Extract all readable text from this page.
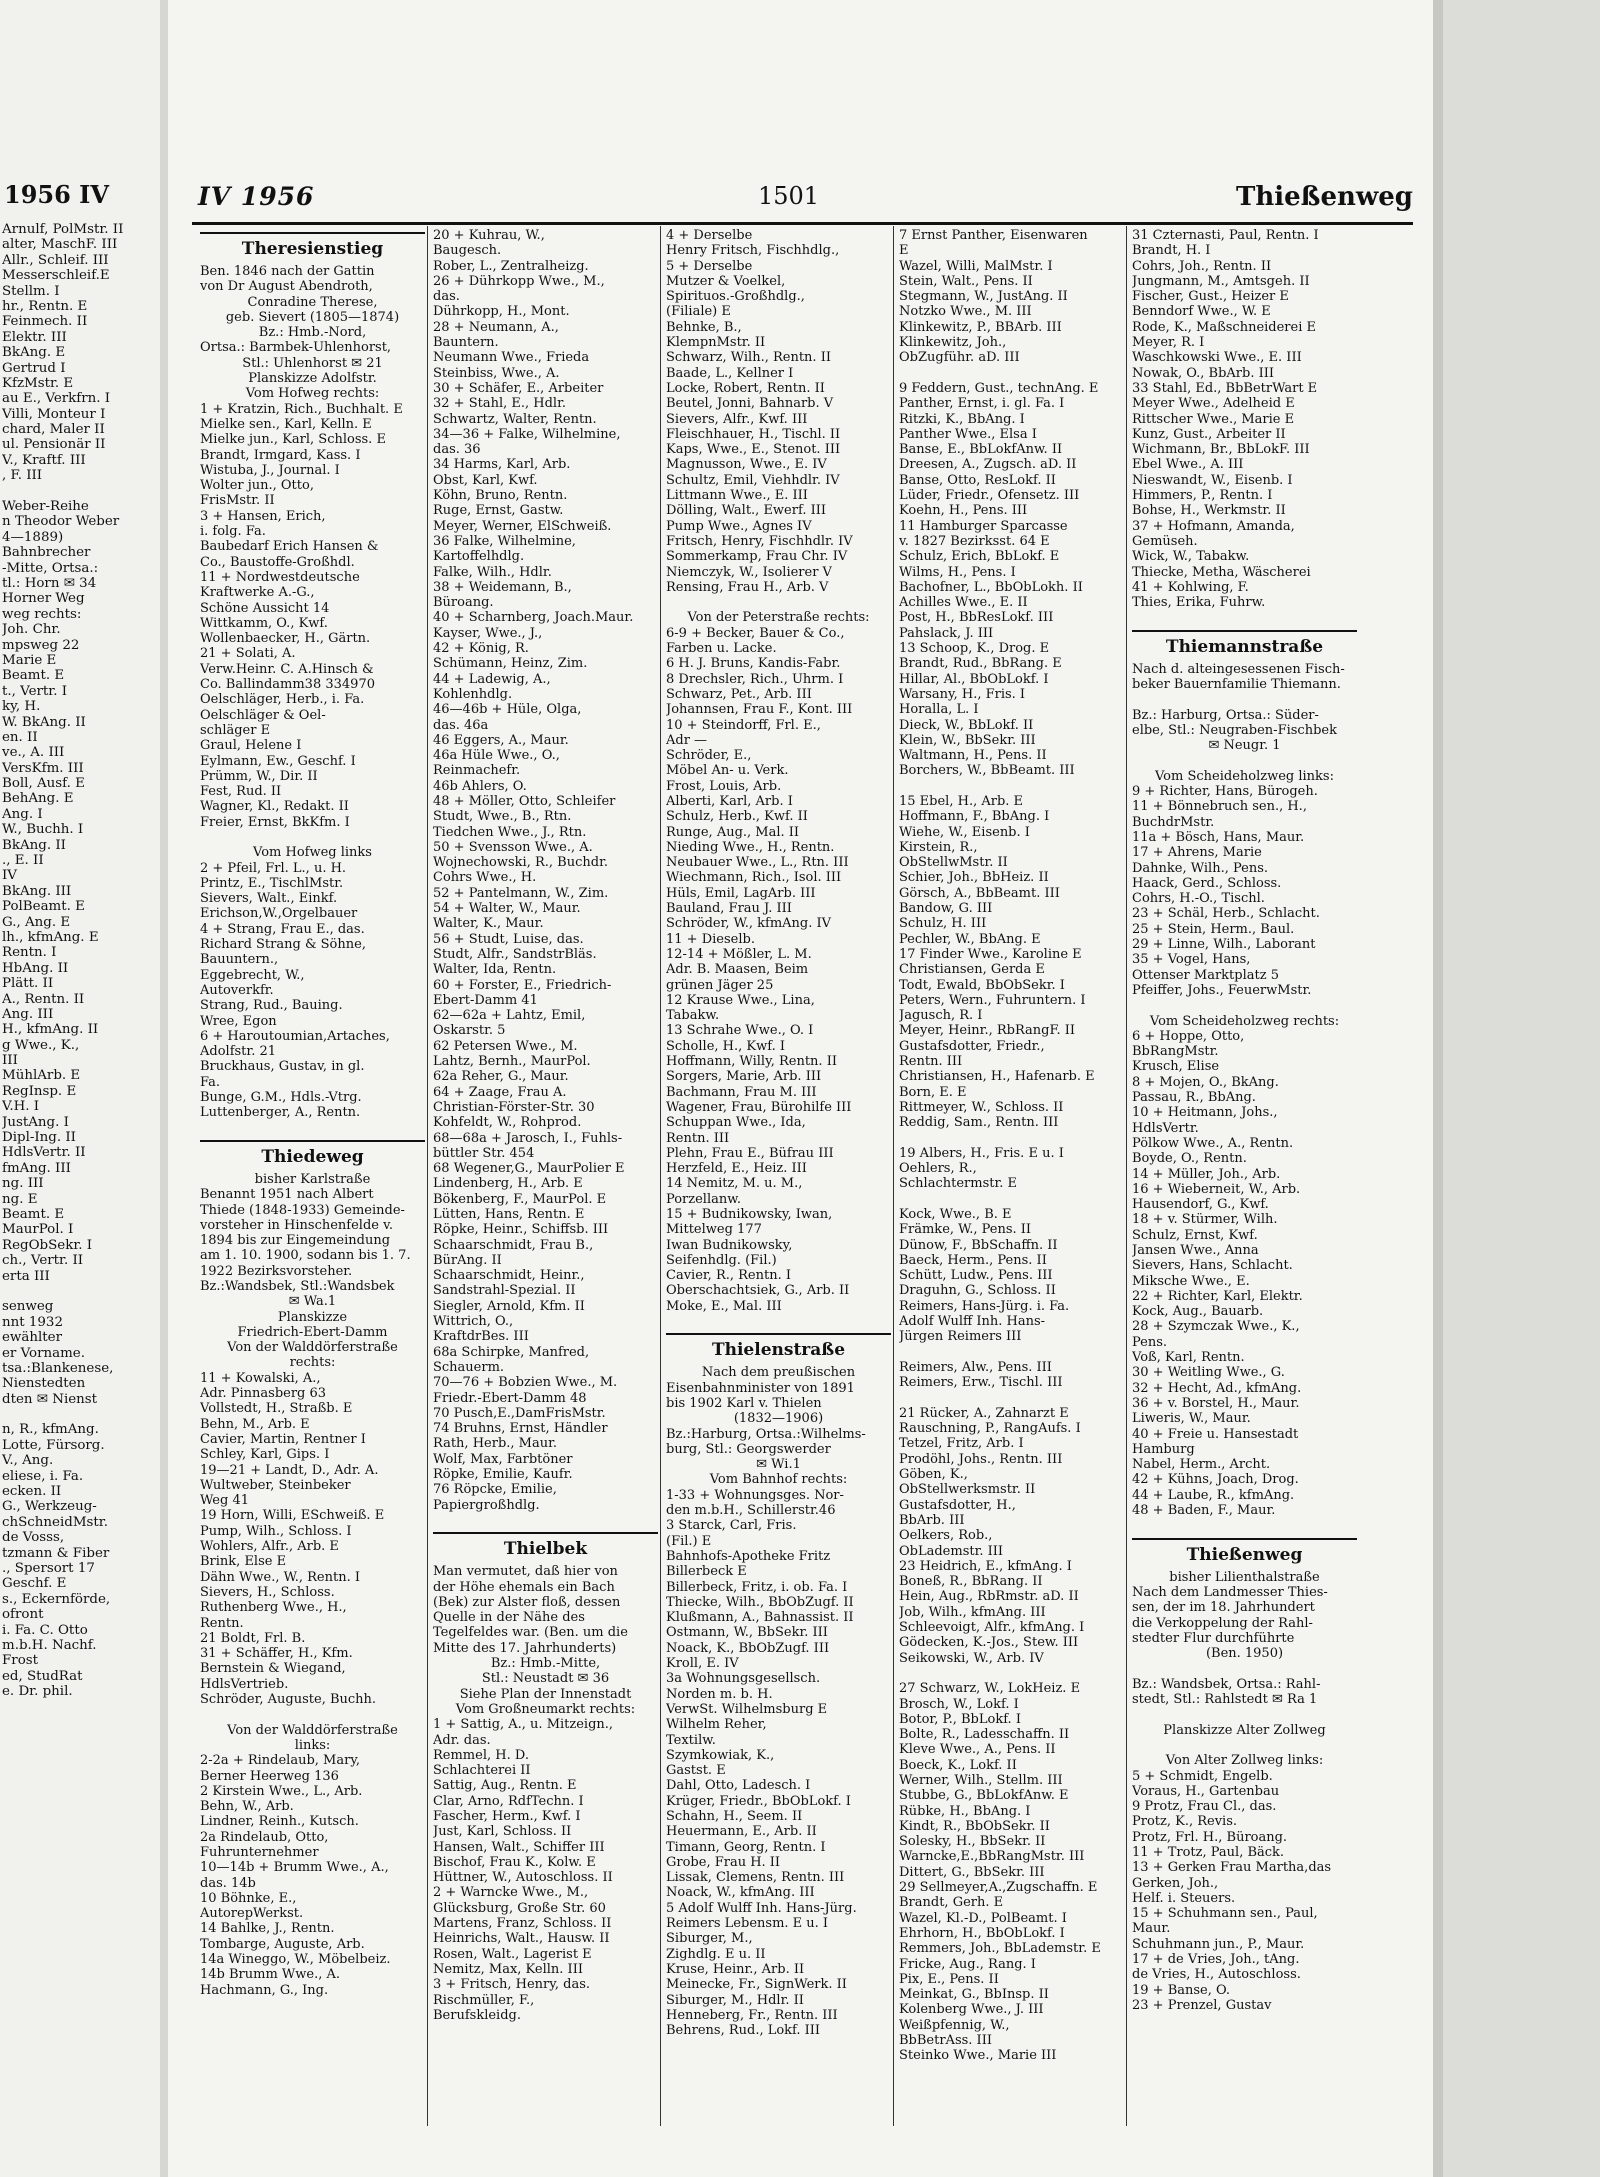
1956 IV
Arnulf, PolMstr. II
alter, MaschF. III
Allr., Schleif. III
Messerschleif.E
Stellm. I
hr., Rentn. E
Feinmech. II
Elektr. III
BkAng. E
Gertrud I
KfzMstr. E
au E., Verkfrn. I
Villi, Monteur I
chard, Maler II
ul. Pensionär II
V., Kraftf. III
, F. III
Weber-Reihe
n Theodor Weber
4—1889)
Bahnbrecher
-Mitte, Ortsa.:
tl.: Horn ✉ 34
Horner Weg
weg rechts:
Joh. Chr.
mpsweg 22
Marie E
Beamt. E
t., Vertr. I
ky, H.
W. BkAng. II
en. II
ve., A. III
VersKfm. III
Boll, Ausf. E
BehAng. E
Ang. I
W., Buchh. I
BkAng. II
., E. II
IV
BkAng. III
PolBeamt. E
G., Ang. E
lh., kfmAng. E
Rentn. I
HbAng. II
Plätt. II
A., Rentn. II
Ang. III
H., kfmAng. II
g Wwe., K.,
III
MühlArb. E
RegInsp. E
V.H. I
JustAng. I
Dipl-Ing. II
HdlsVertr. II
fmAng. III
ng. III
ng. E
Beamt. E
MaurPol. I
RegObSekr. I
ch., Vertr. II
erta III
senweg
nnt 1932
ewählter
er Vorname.
tsa.:Blankenese,
Nienstedten
dten ✉ Nienst
n, R., kfmAng.
Lotte, Fürsorg.
V., Ang.
eliese, i. Fa.
ecken. II
G., Werkzeug-
chSchneidMstr.
de Vosss,
tzmann & Fiber
., Spersort 17
Geschf. E
s., Eckernförde,
ofront
i. Fa. C. Otto
m.b.H. Nachf.
Frost
ed, StudRat
e. Dr. phil.
IV 1956	1501	Thießenweg
Theresienstieg
Ben. 1846 nach der Gattin
von Dr August Abendroth,
Conradine Therese,
geb. Sievert (1805—1874)
Bz.: Hmb.-Nord,
Ortsa.: Barmbek-Uhlenhorst,
Stl.: Uhlenhorst ✉ 21
Planskizze Adolfstr.
Vom Hofweg rechts:
1 + Kratzin, Rich., Buchhalt. E
Mielke sen., Karl, Kelln. E
Mielke jun., Karl, Schloss. E
Brandt, Irmgard, Kass. I
Wistuba, J., Journal. I
Wolter jun., Otto,
FrisMstr. II
3 + Hansen, Erich,
i. folg. Fa.
Baubedarf Erich Hansen &
Co., Baustoffe-Großhdl.
11 + Nordwestdeutsche
Kraftwerke A.-G.,
Schöne Aussicht 14
Wittkamm, O., Kwf.
Wollenbaecker, H., Gärtn.
21 + Solati, A.
Verw.Heinr. C. A.Hinsch &
Co. Ballindamm38 334970
Oelschläger, Herb., i. Fa.
Oelschläger & Oel-
schläger E
Graul, Helene I
Eylmann, Ew., Geschf. I
Prümm, W., Dir. II
Fest, Rud. II
Wagner, Kl., Redakt. II
Freier, Ernst, BkKfm. I
Vom Hofweg links
2 + Pfeil, Frl. L., u. H.
Printz, E., TischlMstr.
Sievers, Walt., Einkf.
Erichson,W.,Orgelbauer
4 + Strang, Frau E., das.
Richard Strang & Söhne,
Bauuntern.,
Eggebrecht, W.,
Autoverkfr.
Strang, Rud., Bauing.
Wree, Egon
6 + Haroutoumian,Artaches,
Adolfstr. 21
Bruckhaus, Gustav, in gl.
Fa.
Bunge, G.M., Hdls.-Vtrg.
Luttenberger, A., Rentn.
Thiedeweg
bisher Karlstraße
Benannt 1951 nach Albert
Thiede (1848-1933) Gemeinde-
vorsteher in Hinschenfelde v.
1894 bis zur Eingemeindung
am 1. 10. 1900, sodann bis 1. 7.
1922 Bezirksvorsteher.
Bz.:Wandsbek, Stl.:Wandsbek
✉ Wa.1
Planskizze
Friedrich-Ebert-Damm
Von der Walddörferstraße
rechts:
11 + Kowalski, A.,
Adr. Pinnasberg 63
Vollstedt, H., Straßb. E
Behn, M., Arb. E
Cavier, Martin, Rentner I
Schley, Karl, Gips. I
19—21 + Landt, D., Adr. A.
Wultweber, Steinbeker
Weg 41
19 Horn, Willi, ESchweiß. E
Pump, Wilh., Schloss. I
Wohlers, Alfr., Arb. E
Brink, Else E
Dähn Wwe., W., Rentn. I
Sievers, H., Schloss.
Ruthenberg Wwe., H.,
Rentn.
21 Boldt, Frl. B.
31 + Schäffer, H., Kfm.
Bernstein & Wiegand,
HdlsVertrieb.
Schröder, Auguste, Buchh.
Von der Walddörferstraße
links:
2-2a + Rindelaub, Mary,
Berner Heerweg 136
2 Kirstein Wwe., L., Arb.
Behn, W., Arb.
Lindner, Reinh., Kutsch.
2a Rindelaub, Otto,
Fuhrunternehmer
10—14b + Brumm Wwe., A.,
das. 14b
10 Böhnke, E.,
AutorepWerkst.
14 Bahlke, J., Rentn.
Tombarge, Auguste, Arb.
14a Wineggo, W., Möbelbeiz.
14b Brumm Wwe., A.
Hachmann, G., Ing.
20 + Kuhrau, W.,
Baugesch.
Rober, L., Zentralheizg.
26 + Dührkopp Wwe., M.,
das.
Dührkopp, H., Mont.
28 + Neumann, A.,
Bauntern.
Neumann Wwe., Frieda
Steinbiss, Wwe., A.
30 + Schäfer, E., Arbeiter
32 + Stahl, E., Hdlr.
Schwartz, Walter, Rentn.
34—36 + Falke, Wilhelmine,
das. 36
34 Harms, Karl, Arb.
Obst, Karl, Kwf.
Köhn, Bruno, Rentn.
Ruge, Ernst, Gastw.
Meyer, Werner, ElSchweiß.
36 Falke, Wilhelmine,
Kartoffelhdlg.
Falke, Wilh., Hdlr.
38 + Weidemann, B.,
Büroang.
40 + Scharnberg, Joach.Maur.
Kayser, Wwe., J.,
42 + König, R.
Schümann, Heinz, Zim.
44 + Ladewig, A.,
Kohlenhdlg.
46—46b + Hüle, Olga,
das. 46a
46 Eggers, A., Maur.
46a Hüle Wwe., O.,
Reinmachefr.
46b Ahlers, O.
48 + Möller, Otto, Schleifer
Studt, Wwe., B., Rtn.
Tiedchen Wwe., J., Rtn.
50 + Svensson Wwe., A.
Wojnechowski, R., Buchdr.
Cohrs Wwe., H.
52 + Pantelmann, W., Zim.
54 + Walter, W., Maur.
Walter, K., Maur.
56 + Studt, Luise, das.
Studt, Alfr., SandstrBläs.
Walter, Ida, Rentn.
60 + Forster, E., Friedrich-
Ebert-Damm 41
62—62a + Lahtz, Emil,
Oskarstr. 5
62 Petersen Wwe., M.
Lahtz, Bernh., MaurPol.
62a Reher, G., Maur.
64 + Zaage, Frau A.
Christian-Förster-Str. 30
Kohfeldt, W., Rohprod.
68—68a + Jarosch, I., Fuhls-
büttler Str. 454
68 Wegener,G., MaurPolier E
Lindenberg, H., Arb. E
Bökenberg, F., MaurPol. E
Lütten, Hans, Rentn. E
Röpke, Heinr., Schiffsb. III
Schaarschmidt, Frau B.,
BürAng. II
Schaarschmidt, Heinr.,
Sandstrahl-Spezial. II
Siegler, Arnold, Kfm. II
Wittrich, O.,
KraftdrBes. III
68a Schirpke, Manfred,
Schauerm.
70—76 + Bobzien Wwe., M.
Friedr.-Ebert-Damm 48
70 Pusch,E.,DamFrisMstr.
74 Bruhns, Ernst, Händler
Rath, Herb., Maur.
Wolf, Max, Farbtöner
Röpke, Emilie, Kaufr.
76 Röpcke, Emilie,
Papiergroßhdlg.
Thielbek
Man vermutet, daß hier von
der Höhe ehemals ein Bach
(Bek) zur Alster floß, dessen
Quelle in der Nähe des
Tegelfeldes war. (Ben. um die
Mitte des 17. Jahrhunderts)
Bz.: Hmb.-Mitte,
Stl.: Neustadt ✉ 36
Siehe Plan der Innenstadt
Vom Großneumarkt rechts:
1 + Sattig, A., u. Mitzeign.,
Adr. das.
Remmel, H. D.
Schlachterei II
Sattig, Aug., Rentn. E
Clar, Arno, RdfTechn. I
Fascher, Herm., Kwf. I
Just, Karl, Schloss. II
Hansen, Walt., Schiffer III
Bischof, Frau K., Kolw. E
Hüttner, W., Autoschloss. II
2 + Warncke Wwe., M.,
Glücksburg, Große Str. 60
Martens, Franz, Schloss. II
Heinrichs, Walt., Hausw. II
Rosen, Walt., Lagerist E
Nemitz, Max, Kelln. III
3 + Fritsch, Henry, das.
Rischmüller, F.,
Berufskleidg.
4 + Derselbe
Henry Fritsch, Fischhdlg.,
5 + Derselbe
Mutzer & Voelkel,
Spirituos.-Großhdlg.,
(Filiale) E
Behnke, B.,
KlempnMstr. II
Schwarz, Wilh., Rentn. II
Baade, L., Kellner I
Locke, Robert, Rentn. II
Beutel, Jonni, Bahnarb. V
Sievers, Alfr., Kwf. III
Fleischhauer, H., Tischl. II
Kaps, Wwe., E., Stenot. III
Magnusson, Wwe., E. IV
Schultz, Emil, Viehhdlr. IV
Littmann Wwe., E. III
Dölling, Walt., Ewerf. III
Pump Wwe., Agnes IV
Fritsch, Henry, Fischhdlr. IV
Sommerkamp, Frau Chr. IV
Niemczyk, W., Isolierer V
Rensing, Frau H., Arb. V
Von der Peterstraße rechts:
6-9 + Becker, Bauer & Co.,
Farben u. Lacke.
6 H. J. Bruns, Kandis-Fabr.
8 Drechsler, Rich., Uhrm. I
Schwarz, Pet., Arb. III
Johannsen, Frau F., Kont. III
10 + Steindorff, Frl. E.,
Adr —
Schröder, E.,
Möbel An- u. Verk.
Frost, Louis, Arb.
Alberti, Karl, Arb. I
Schulz, Herb., Kwf. II
Runge, Aug., Mal. II
Nieding Wwe., H., Rentn.
Neubauer Wwe., L., Rtn. III
Wiechmann, Rich., Isol. III
Hüls, Emil, LagArb. III
Bauland, Frau J. III
Schröder, W., kfmAng. IV
11 + Dieselb.
12-14 + Mößler, L. M.
Adr. B. Maasen, Beim
grünen Jäger 25
12 Krause Wwe., Lina,
Tabakw.
13 Schrahe Wwe., O. I
Scholle, H., Kwf. I
Hoffmann, Willy, Rentn. II
Sorgers, Marie, Arb. III
Bachmann, Frau M. III
Wagener, Frau, Bürohilfe III
Schuppan Wwe., Ida,
Rentn. III
Plehn, Frau E., Büfrau III
Herzfeld, E., Heiz. III
14 Nemitz, M. u. M.,
Porzellanw.
15 + Budnikowsky, Iwan,
Mittelweg 177
Iwan Budnikowsky,
Seifenhdlg. (Fil.)
Cavier, R., Rentn. I
Oberschachtsiek, G., Arb. II
Moke, E., Mal. III
Thielenstraße
Nach dem preußischen
Eisenbahnminister von 1891
bis 1902 Karl v. Thielen
(1832—1906)
Bz.:Harburg, Ortsa.:Wilhelms-
burg, Stl.: Georgswerder
✉ Wi.1
Vom Bahnhof rechts:
1-33 + Wohnungsges. Nor-
den m.b.H., Schillerstr.46
3 Starck, Carl, Fris.
(Fil.) E
Bahnhofs-Apotheke Fritz
Billerbeck E
Billerbeck, Fritz, i. ob. Fa. I
Thiecke, Wilh., BbObZugf. II
Klußmann, A., Bahnassist. II
Ostmann, W., BbSekr. III
Noack, K., BbObZugf. III
Kroll, E. IV
3a Wohnungsgesellsch.
Norden m. b. H.
VerwSt. Wilhelmsburg E
Wilhelm Reher,
Textilw.
Szymkowiak, K.,
Gastst. E
Dahl, Otto, Ladesch. I
Krüger, Friedr., BbObLokf. I
Schahn, H., Seem. II
Heuermann, E., Arb. II
Timann, Georg, Rentn. I
Grobe, Frau H. II
Lissak, Clemens, Rentn. III
Noack, W., kfmAng. III
5 Adolf Wulff Inh. Hans-Jürg.
Reimers Lebensm. E u. I
Siburger, M.,
Zighdlg. E u. II
Kruse, Heinr., Arb. II
Meinecke, Fr., SignWerk. II
Siburger, M., Hdlr. II
Henneberg, Fr., Rentn. III
Behrens, Rud., Lokf. III
7 Ernst Panther, Eisenwaren
E
Wazel, Willi, MalMstr. I
Stein, Walt., Pens. II
Stegmann, W., JustAng. II
Notzko Wwe., M. III
Klinkewitz, P., BBArb. III
Klinkewitz, Joh.,
ObZugführ. aD. III
9 Feddern, Gust., technAng. E
Panther, Ernst, i. gl. Fa. I
Ritzki, K., BbAng. I
Panther Wwe., Elsa I
Banse, E., BbLokfAnw. II
Dreesen, A., Zugsch. aD. II
Banse, Otto, ResLokf. II
Lüder, Friedr., Ofensetz. III
Koehn, H., Pens. III
11 Hamburger Sparcasse
v. 1827 Bezirksst. 64 E
Schulz, Erich, BbLokf. E
Wilms, H., Pens. I
Bachofner, L., BbObLokh. II
Achilles Wwe., E. II
Post, H., BbResLokf. III
Pahslack, J. III
13 Schoop, K., Drog. E
Brandt, Rud., BbRang. E
Hillar, Al., BbObLokf. I
Warsany, H., Fris. I
Horalla, L. I
Dieck, W., BbLokf. II
Klein, W., BbSekr. III
Waltmann, H., Pens. II
Borchers, W., BbBeamt. III
15 Ebel, H., Arb. E
Hoffmann, F., BbAng. I
Wiehe, W., Eisenb. I
Kirstein, R.,
ObStellwMstr. II
Schier, Joh., BbHeiz. II
Görsch, A., BbBeamt. III
Bandow, G. III
Schulz, H. III
Pechler, W., BbAng. E
17 Finder Wwe., Karoline E
Christiansen, Gerda E
Todt, Ewald, BbObSekr. I
Peters, Wern., Fuhruntern. I
Jagusch, R. I
Meyer, Heinr., RbRangF. II
Gustafsdotter, Friedr.,
Rentn. III
Christiansen, H., Hafenarb. E
Born, E. E
Rittmeyer, W., Schloss. II
Reddig, Sam., Rentn. III
19 Albers, H., Fris. E u. I
Oehlers, R.,
Schlachtermstr. E
Kock, Wwe., B. E
Främke, W., Pens. II
Dünow, F., BbSchaffn. II
Baeck, Herm., Pens. II
Schütt, Ludw., Pens. III
Draguhn, G., Schloss. II
Reimers, Hans-Jürg. i. Fa.
Adolf Wulff Inh. Hans-
Jürgen Reimers III
Reimers, Alw., Pens. III
Reimers, Erw., Tischl. III
21 Rücker, A., Zahnarzt E
Rauschning, P., RangAufs. I
Tetzel, Fritz, Arb. I
Prodöhl, Johs., Rentn. III
Göben, K.,
ObStellwerksmstr. II
Gustafsdotter, H.,
BbArb. III
Oelkers, Rob.,
ObLademstr. III
23 Heidrich, E., kfmAng. I
Boneß, R., BbRang. II
Hein, Aug., RbRmstr. aD. II
Job, Wilh., kfmAng. III
Schleevoigt, Alfr., kfmAng. I
Gödecken, K.-Jos., Stew. III
Seikowski, W., Arb. IV
27 Schwarz, W., LokHeiz. E
Brosch, W., Lokf. I
Botor, P., BbLokf. I
Bolte, R., Ladesschaffn. II
Kleve Wwe., A., Pens. II
Boeck, K., Lokf. II
Werner, Wilh., Stellm. III
Stubbe, G., BbLokfAnw. E
Rübke, H., BbAng. I
Kindt, R., BbObSekr. II
Solesky, H., BbSekr. II
Warncke,E.,BbRangMstr. III
Dittert, G., BbSekr. III
29 Sellmeyer,A.,Zugschaffn. E
Brandt, Gerh. E
Wazel, Kl.-D., PolBeamt. I
Ehrhorn, H., BbObLokf. I
Remmers, Joh., BbLademstr. E
Fricke, Aug., Rang. I
Pix, E., Pens. II
Meinkat, G., BbInsp. II
Kolenberg Wwe., J. III
Weißpfennig, W.,
BbBetrAss. III
Steinko Wwe., Marie III
31 Czternasti, Paul, Rentn. I
Brandt, H. I
Cohrs, Joh., Rentn. II
Jungmann, M., Amtsgeh. II
Fischer, Gust., Heizer E
Benndorf Wwe., W. E
Rode, K., Maßschneiderei E
Meyer, R. I
Waschkowski Wwe., E. III
Nowak, O., BbArb. III
33 Stahl, Ed., BbBetrWart E
Meyer Wwe., Adelheid E
Rittscher Wwe., Marie E
Kunz, Gust., Arbeiter II
Wichmann, Br., BbLokF. III
Ebel Wwe., A. III
Nieswandt, W., Eisenb. I
Himmers, P., Rentn. I
Bohse, H., Werkmstr. II
37 + Hofmann, Amanda,
Gemüseh.
Wick, W., Tabakw.
Thiecke, Metha, Wäscherei
41 + Kohlwing, F.
Thies, Erika, Fuhrw.
Thiemannstraße
Nach d. alteingesessenen Fisch-
beker Bauernfamilie Thiemann.
Bz.: Harburg, Ortsa.: Süder-
elbe, Stl.: Neugraben-Fischbek
✉ Neugr. 1
Vom Scheideholzweg links:
9 + Richter, Hans, Bürogeh.
11 + Bönnebruch sen., H.,
BuchdrMstr.
11a + Bösch, Hans, Maur.
17 + Ahrens, Marie
Dahnke, Wilh., Pens.
Haack, Gerd., Schloss.
Cohrs, H.-O., Tischl.
23 + Schäl, Herb., Schlacht.
25 + Stein, Herm., Baul.
29 + Linne, Wilh., Laborant
35 + Vogel, Hans,
Ottenser Marktplatz 5
Pfeiffer, Johs., FeuerwMstr.
Vom Scheideholzweg rechts:
6 + Hoppe, Otto,
BbRangMstr.
Krusch, Elise
8 + Mojen, O., BkAng.
Passau, R., BbAng.
10 + Heitmann, Johs.,
HdlsVertr.
Pölkow Wwe., A., Rentn.
Boyde, O., Rentn.
14 + Müller, Joh., Arb.
16 + Wieberneit, W., Arb.
Hausendorf, G., Kwf.
18 + v. Stürmer, Wilh.
Schulz, Ernst, Kwf.
Jansen Wwe., Anna
Sievers, Hans, Schlacht.
Mikschе Wwe., E.
22 + Richter, Karl, Elektr.
Kock, Aug., Bauarb.
28 + Szymczak Wwe., K.,
Pens.
Voß, Karl, Rentn.
30 + Weitling Wwe., G.
32 + Hecht, Ad., kfmAng.
36 + v. Borstel, H., Maur.
Liweris, W., Maur.
40 + Freie u. Hansestadt
Hamburg
Nabel, Herm., Archt.
42 + Kühns, Joach, Drog.
44 + Laube, R., kfmAng.
48 + Baden, F., Maur.
Thießenweg
bisher Lilienthalstraße
Nach dem Landmesser Thies-
sen, der im 18. Jahrhundert
die Verkoppelung der Rahl-
stedter Flur durchführte
(Ben. 1950)
Bz.: Wandsbek, Ortsa.: Rahl-
stedt, Stl.: Rahlstedt ✉ Ra 1
Planskizze Alter Zollweg
Von Alter Zollweg links:
5 + Schmidt, Engelb.
Voraus, H., Gartenbau
9 Protz, Frau Cl., das.
Protz, K., Revis.
Protz, Frl. H., Büroang.
11 + Trotz, Paul, Bäck.
13 + Gerken Frau Martha,das
Gerken, Joh.,
Helf. i. Steuers.
15 + Schuhmann sen., Paul,
Maur.
Schuhmann jun., P., Maur.
17 + de Vries, Joh., tAng.
de Vries, H., Autoschloss.
19 + Banse, O.
23 + Prenzel, Gustav
